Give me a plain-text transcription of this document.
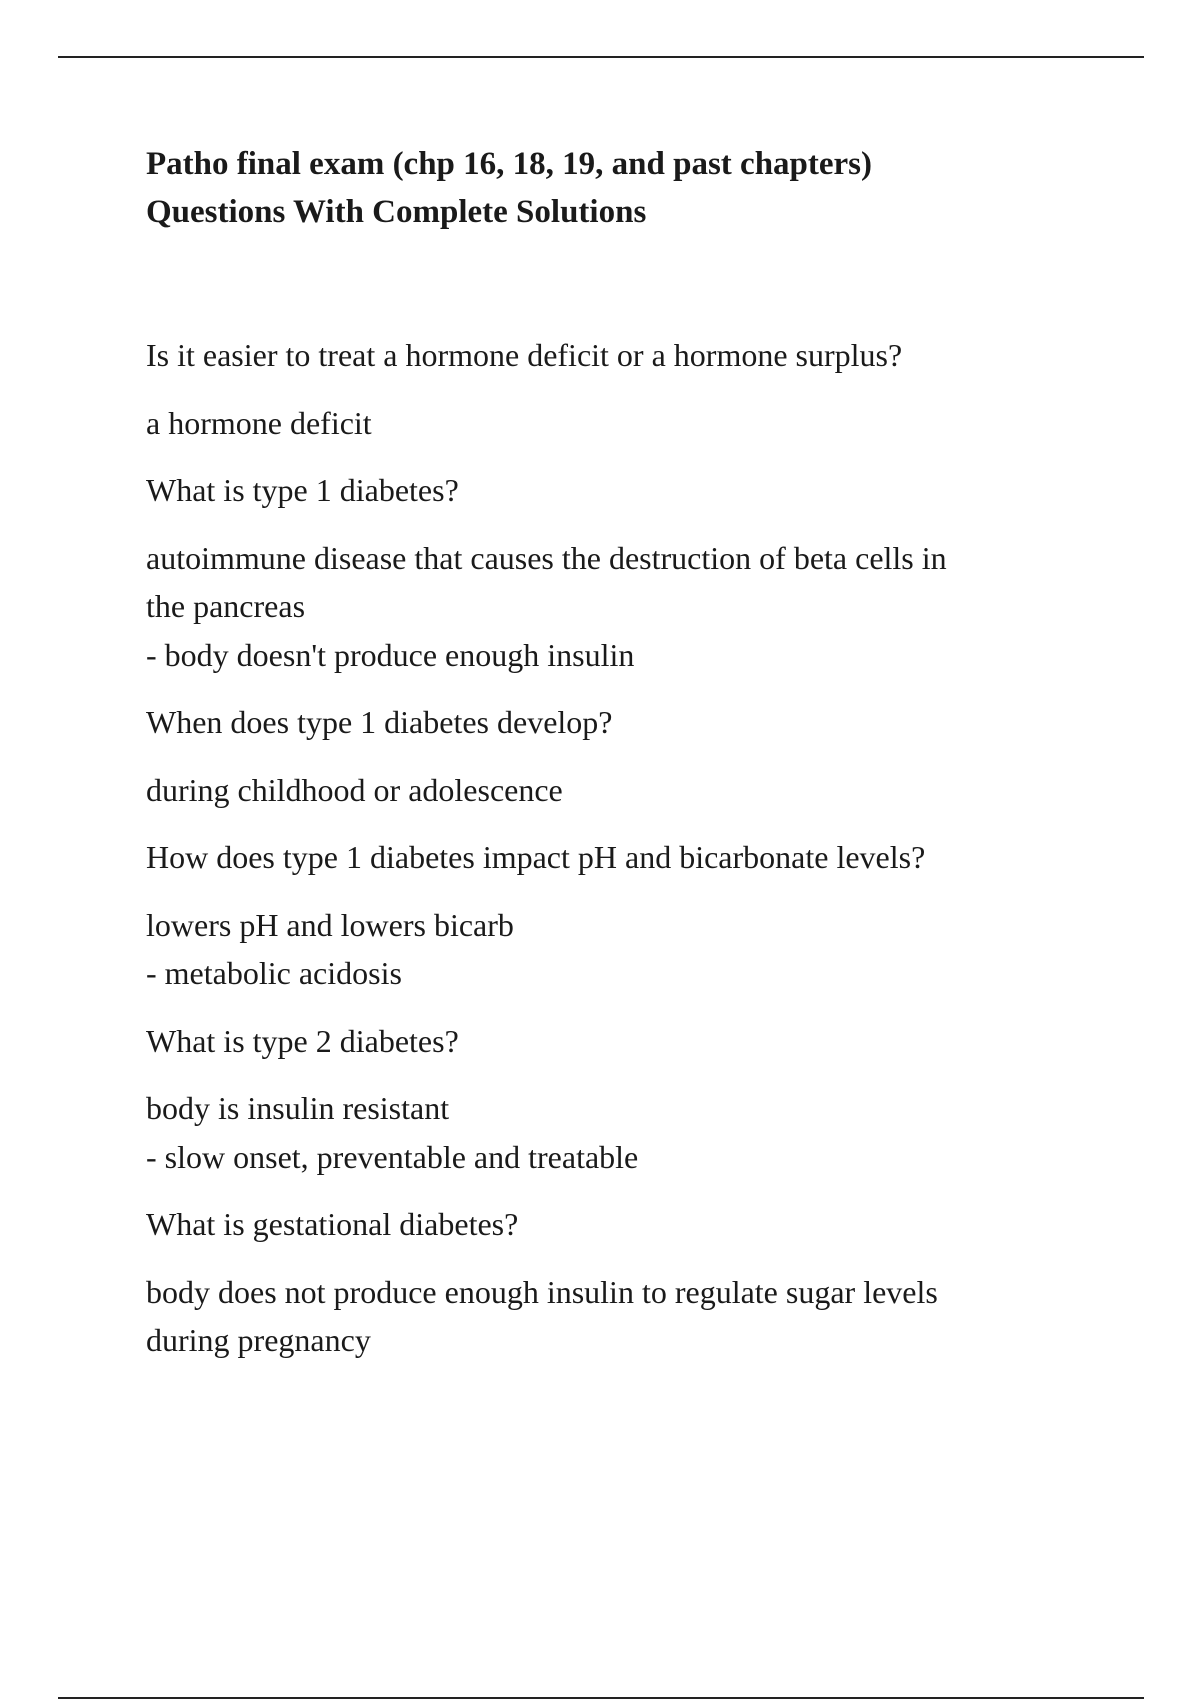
Patho final exam (chp 16, 18, 19, and past chapters)
Questions With Complete Solutions

Is it easier to treat a hormone deficit or a hormone surplus?

a hormone deficit

What is type 1 diabetes?

autoimmune disease that causes the destruction of beta cells in
the pancreas
- body doesn't produce enough insulin

When does type 1 diabetes develop?

during childhood or adolescence

How does type 1 diabetes impact pH and bicarbonate levels?

lowers pH and lowers bicarb
- metabolic acidosis

What is type 2 diabetes?

body is insulin resistant
- slow onset, preventable and treatable

What is gestational diabetes?

body does not produce enough insulin to regulate sugar levels
during pregnancy
